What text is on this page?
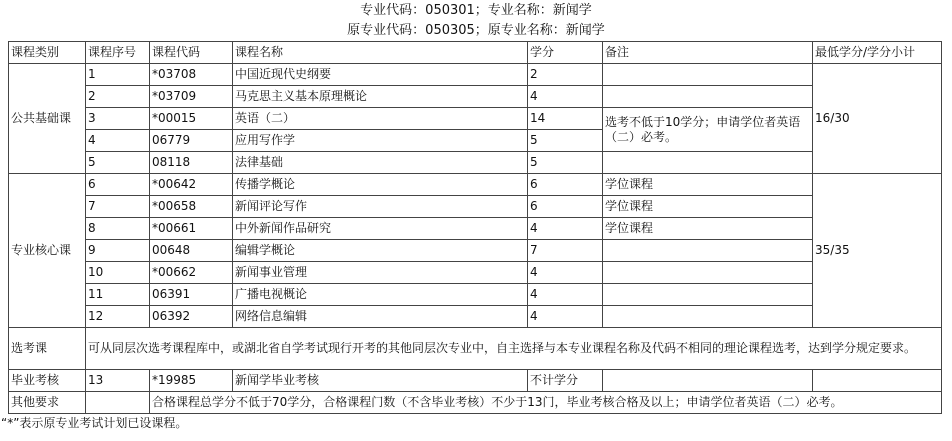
专业代码：050301；专业名称：新闻学
原专业代码：050305；原专业名称：新闻学
课程类别	课程序号	课程代码	课程名称	学分	备注	最低学分/学分小计
公共基础课	1	*03708	中国近现代史纲要	2		16/30
	2	*03709	马克思主义基本原理概论	4		
	3	*00015	英语（二）	14	选考不低于10学分；申请学位者英语（二）必考。	
	4	06779	应用写作学	5		
	5	08118	法律基础	5		
专业核心课	6	*00642	传播学概论	6	学位课程	35/35
	7	*00658	新闻评论写作	6	学位课程	
	8	*00661	中外新闻作品研究	4	学位课程	
	9	00648	编辑学概论	7		
	10	*00662	新闻事业管理	4		
	11	06391	广播电视概论	4		
	12	06392	网络信息编辑	4		
选考课	可从同层次选考课程库中，或湖北省自学考试现行开考的其他同层次专业中，自主选择与本专业课程名称及代码不相同的理论课程选考，达到学分规定要求。					
毕业考核	13	*19985	新闻学毕业考核	不计学分		
其他要求		合格课程总学分不低于70学分，合格课程门数（不含毕业考核）不少于13门，毕业考核合格及以上；申请学位者英语（二）必考。				
“*”表示原专业考试计划已设课程。
